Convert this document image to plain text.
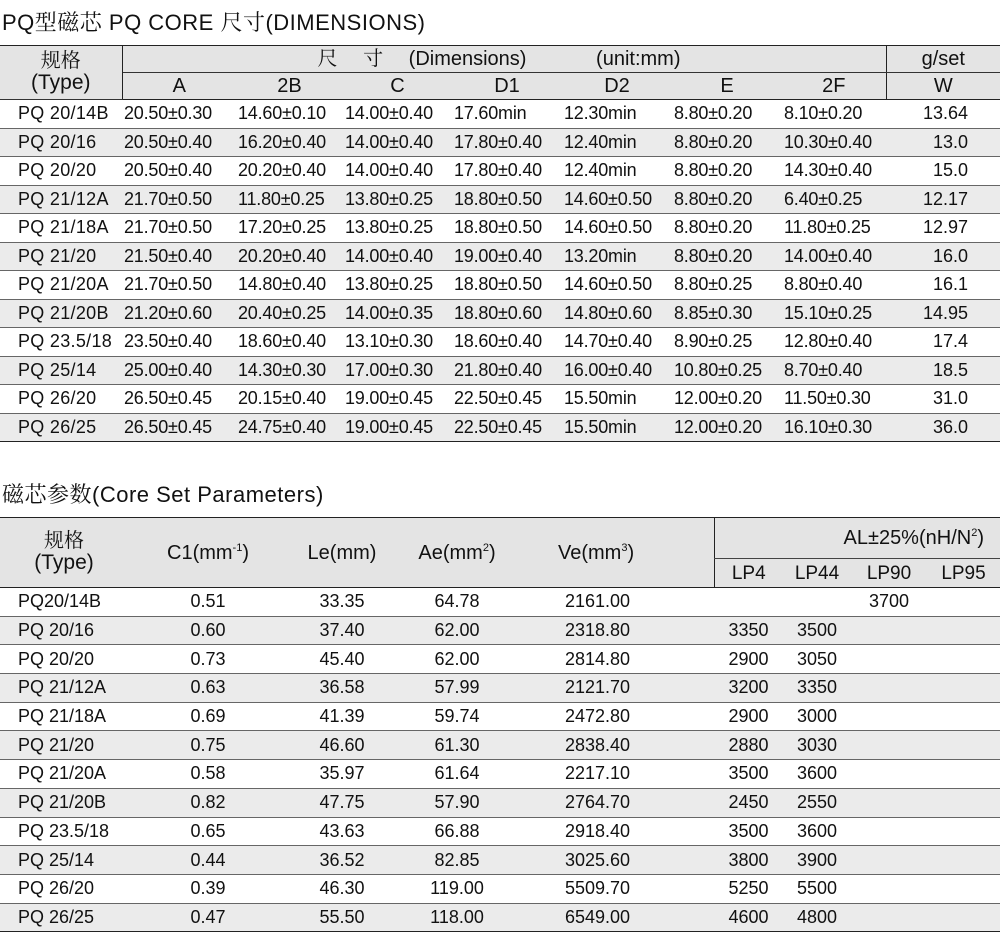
PQ型磁芯 PQ CORE 尺寸(DIMENSIONS)
规格
(Type)	尺 寸 (Dimensions) (unit:mm)							g/set
	A	2B	C	D1	D2	E	2F	W
PQ 20/14B	20.50±0.30	14.60±0.10	14.00±0.40	17.60min	12.30min	8.80±0.20	8.10±0.20	13.64
PQ 20/16	20.50±0.40	16.20±0.40	14.00±0.40	17.80±0.40	12.40min	8.80±0.20	10.30±0.40	13.0
PQ 20/20	20.50±0.40	20.20±0.40	14.00±0.40	17.80±0.40	12.40min	8.80±0.20	14.30±0.40	15.0
PQ 21/12A	21.70±0.50	11.80±0.25	13.80±0.25	18.80±0.50	14.60±0.50	8.80±0.20	6.40±0.25	12.17
PQ 21/18A	21.70±0.50	17.20±0.25	13.80±0.25	18.80±0.50	14.60±0.50	8.80±0.20	11.80±0.25	12.97
PQ 21/20	21.50±0.40	20.20±0.40	14.00±0.40	19.00±0.40	13.20min	8.80±0.20	14.00±0.40	16.0
PQ 21/20A	21.70±0.50	14.80±0.40	13.80±0.25	18.80±0.50	14.60±0.50	8.80±0.25	8.80±0.40	16.1
PQ 21/20B	21.20±0.60	20.40±0.25	14.00±0.35	18.80±0.60	14.80±0.60	8.85±0.30	15.10±0.25	14.95
PQ 23.5/18	23.50±0.40	18.60±0.40	13.10±0.30	18.60±0.40	14.70±0.40	8.90±0.25	12.80±0.40	17.4
PQ 25/14	25.00±0.40	14.30±0.30	17.00±0.30	21.80±0.40	16.00±0.40	10.80±0.25	8.70±0.40	18.5
PQ 26/20	26.50±0.45	20.15±0.40	19.00±0.45	22.50±0.45	15.50min	12.00±0.20	11.50±0.30	31.0
PQ 26/25	26.50±0.45	24.75±0.40	19.00±0.45	22.50±0.45	15.50min	12.00±0.20	16.10±0.30	36.0
磁芯参数(Core Set Parameters)
规格
(Type)	$C1(mm^{-1})$	Le(mm)	$Ae(mm^2)$	$Ve(mm^3)$	$AL\pm 25\%(nH/N^2)$			
					LP4	LP44	LP90	LP95
PQ20/14B	0.51	33.35	64.78	2161.00			3700	
PQ 20/16	0.60	37.40	62.00	2318.80	3350	3500		
PQ 20/20	0.73	45.40	62.00	2814.80	2900	3050		
PQ 21/12A	0.63	36.58	57.99	2121.70	3200	3350		
PQ 21/18A	0.69	41.39	59.74	2472.80	2900	3000		
PQ 21/20	0.75	46.60	61.30	2838.40	2880	3030		
PQ 21/20A	0.58	35.97	61.64	2217.10	3500	3600		
PQ 21/20B	0.82	47.75	57.90	2764.70	2450	2550		
PQ 23.5/18	0.65	43.63	66.88	2918.40	3500	3600		
PQ 25/14	0.44	36.52	82.85	3025.60	3800	3900		
PQ 26/20	0.39	46.30	119.00	5509.70	5250	5500		
PQ 26/25	0.47	55.50	118.00	6549.00	4600	4800		
